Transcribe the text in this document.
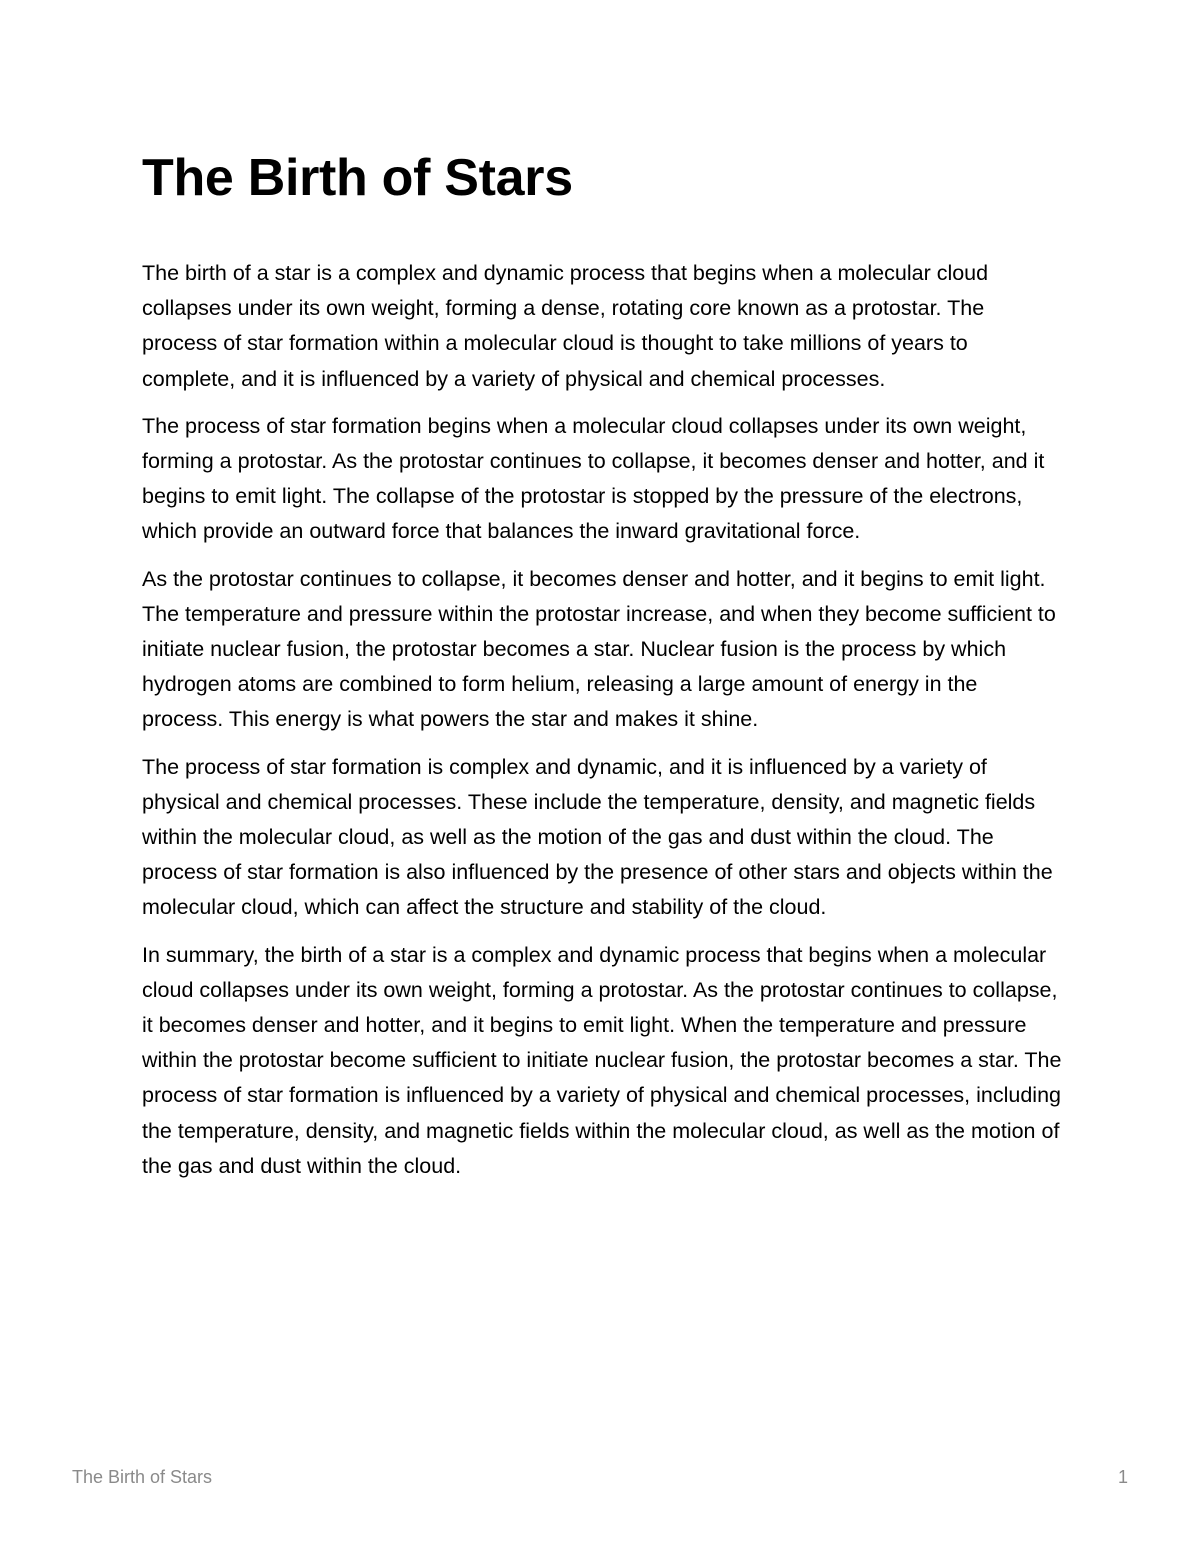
The Birth of Stars

The birth of a star is a complex and dynamic process that begins when a molecular cloud collapses under its own weight, forming a dense, rotating core known as a protostar. The process of star formation within a molecular cloud is thought to take millions of years to complete, and it is influenced by a variety of physical and chemical processes.

The process of star formation begins when a molecular cloud collapses under its own weight, forming a protostar. As the protostar continues to collapse, it becomes denser and hotter, and it begins to emit light. The collapse of the protostar is stopped by the pressure of the electrons, which provide an outward force that balances the inward gravitational force.

As the protostar continues to collapse, it becomes denser and hotter, and it begins to emit light. The temperature and pressure within the protostar increase, and when they become sufficient to initiate nuclear fusion, the protostar becomes a star. Nuclear fusion is the process by which hydrogen atoms are combined to form helium, releasing a large amount of energy in the process. This energy is what powers the star and makes it shine.

The process of star formation is complex and dynamic, and it is influenced by a variety of physical and chemical processes. These include the temperature, density, and magnetic fields within the molecular cloud, as well as the motion of the gas and dust within the cloud. The process of star formation is also influenced by the presence of other stars and objects within the molecular cloud, which can affect the structure and stability of the cloud.

In summary, the birth of a star is a complex and dynamic process that begins when a molecular cloud collapses under its own weight, forming a protostar. As the protostar continues to collapse, it becomes denser and hotter, and it begins to emit light. When the temperature and pressure within the protostar become sufficient to initiate nuclear fusion, the protostar becomes a star. The process of star formation is influenced by a variety of physical and chemical processes, including the temperature, density, and magnetic fields within the molecular cloud, as well as the motion of the gas and dust within the cloud.

The Birth of Stars	1
